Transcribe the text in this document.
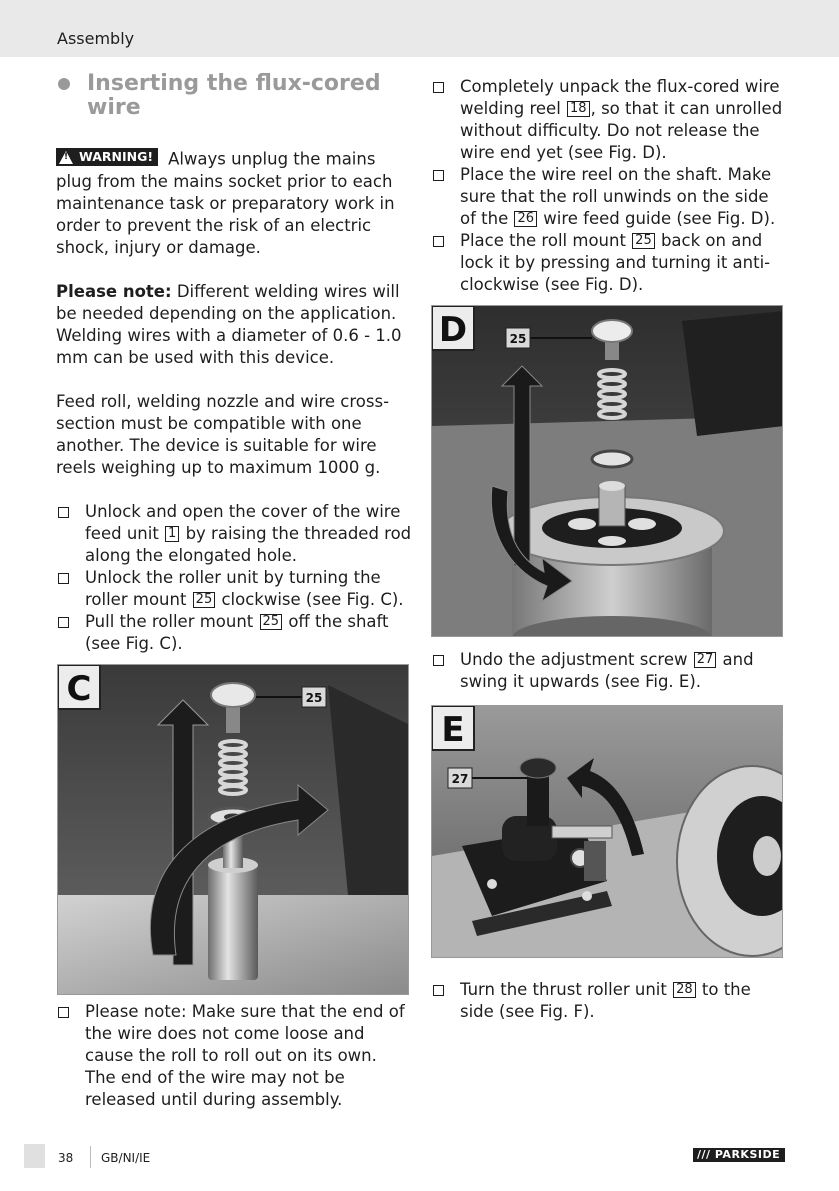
Assembly
Inserting the flux-cored wire

!
WARNING! Always unplug the mains plug from the mains socket prior to each maintenance task or preparatory work in order to prevent the risk of an electric shock, injury or damage.

Please note: Different welding wires will be needed depending on the application. Welding wires with a diameter of 0.6 - 1.0 mm can be used with this device.

Feed roll, welding nozzle and wire cross-section must be compatible with one another. The device is suitable for wire reels weighing up to maximum 1000 g.

Unlock and open the cover of the wire feed unit 1 by raising the threaded rod along the elongated hole.
Unlock the roller unit by turning the roller mount 25 clockwise (see Fig. C).
Pull the roller mount 25 off the shaft (see Fig. C).
25
C
Please note: Make sure that the end of the wire does not come loose and cause the roll to roll out on its own. The end of the wire may not be released until during assembly.
Completely unpack the flux-cored wire welding reel 18 , so that it can unrolled without difficulty. Do not release the wire end yet (see Fig. D).
Place the wire reel on the shaft. Make sure that the roll unwinds on the side of the 26 wire feed guide (see Fig. D).
Place the roll mount 25 back on and lock it by pressing and turning it anti-clockwise (see Fig. D).
25
D
Undo the adjustment screw 27 and swing it upwards (see Fig. E).
27
E
Turn the thrust roller unit 28 to the side (see Fig. F).
38 GB/NI/IE	/// PARKSIDE
